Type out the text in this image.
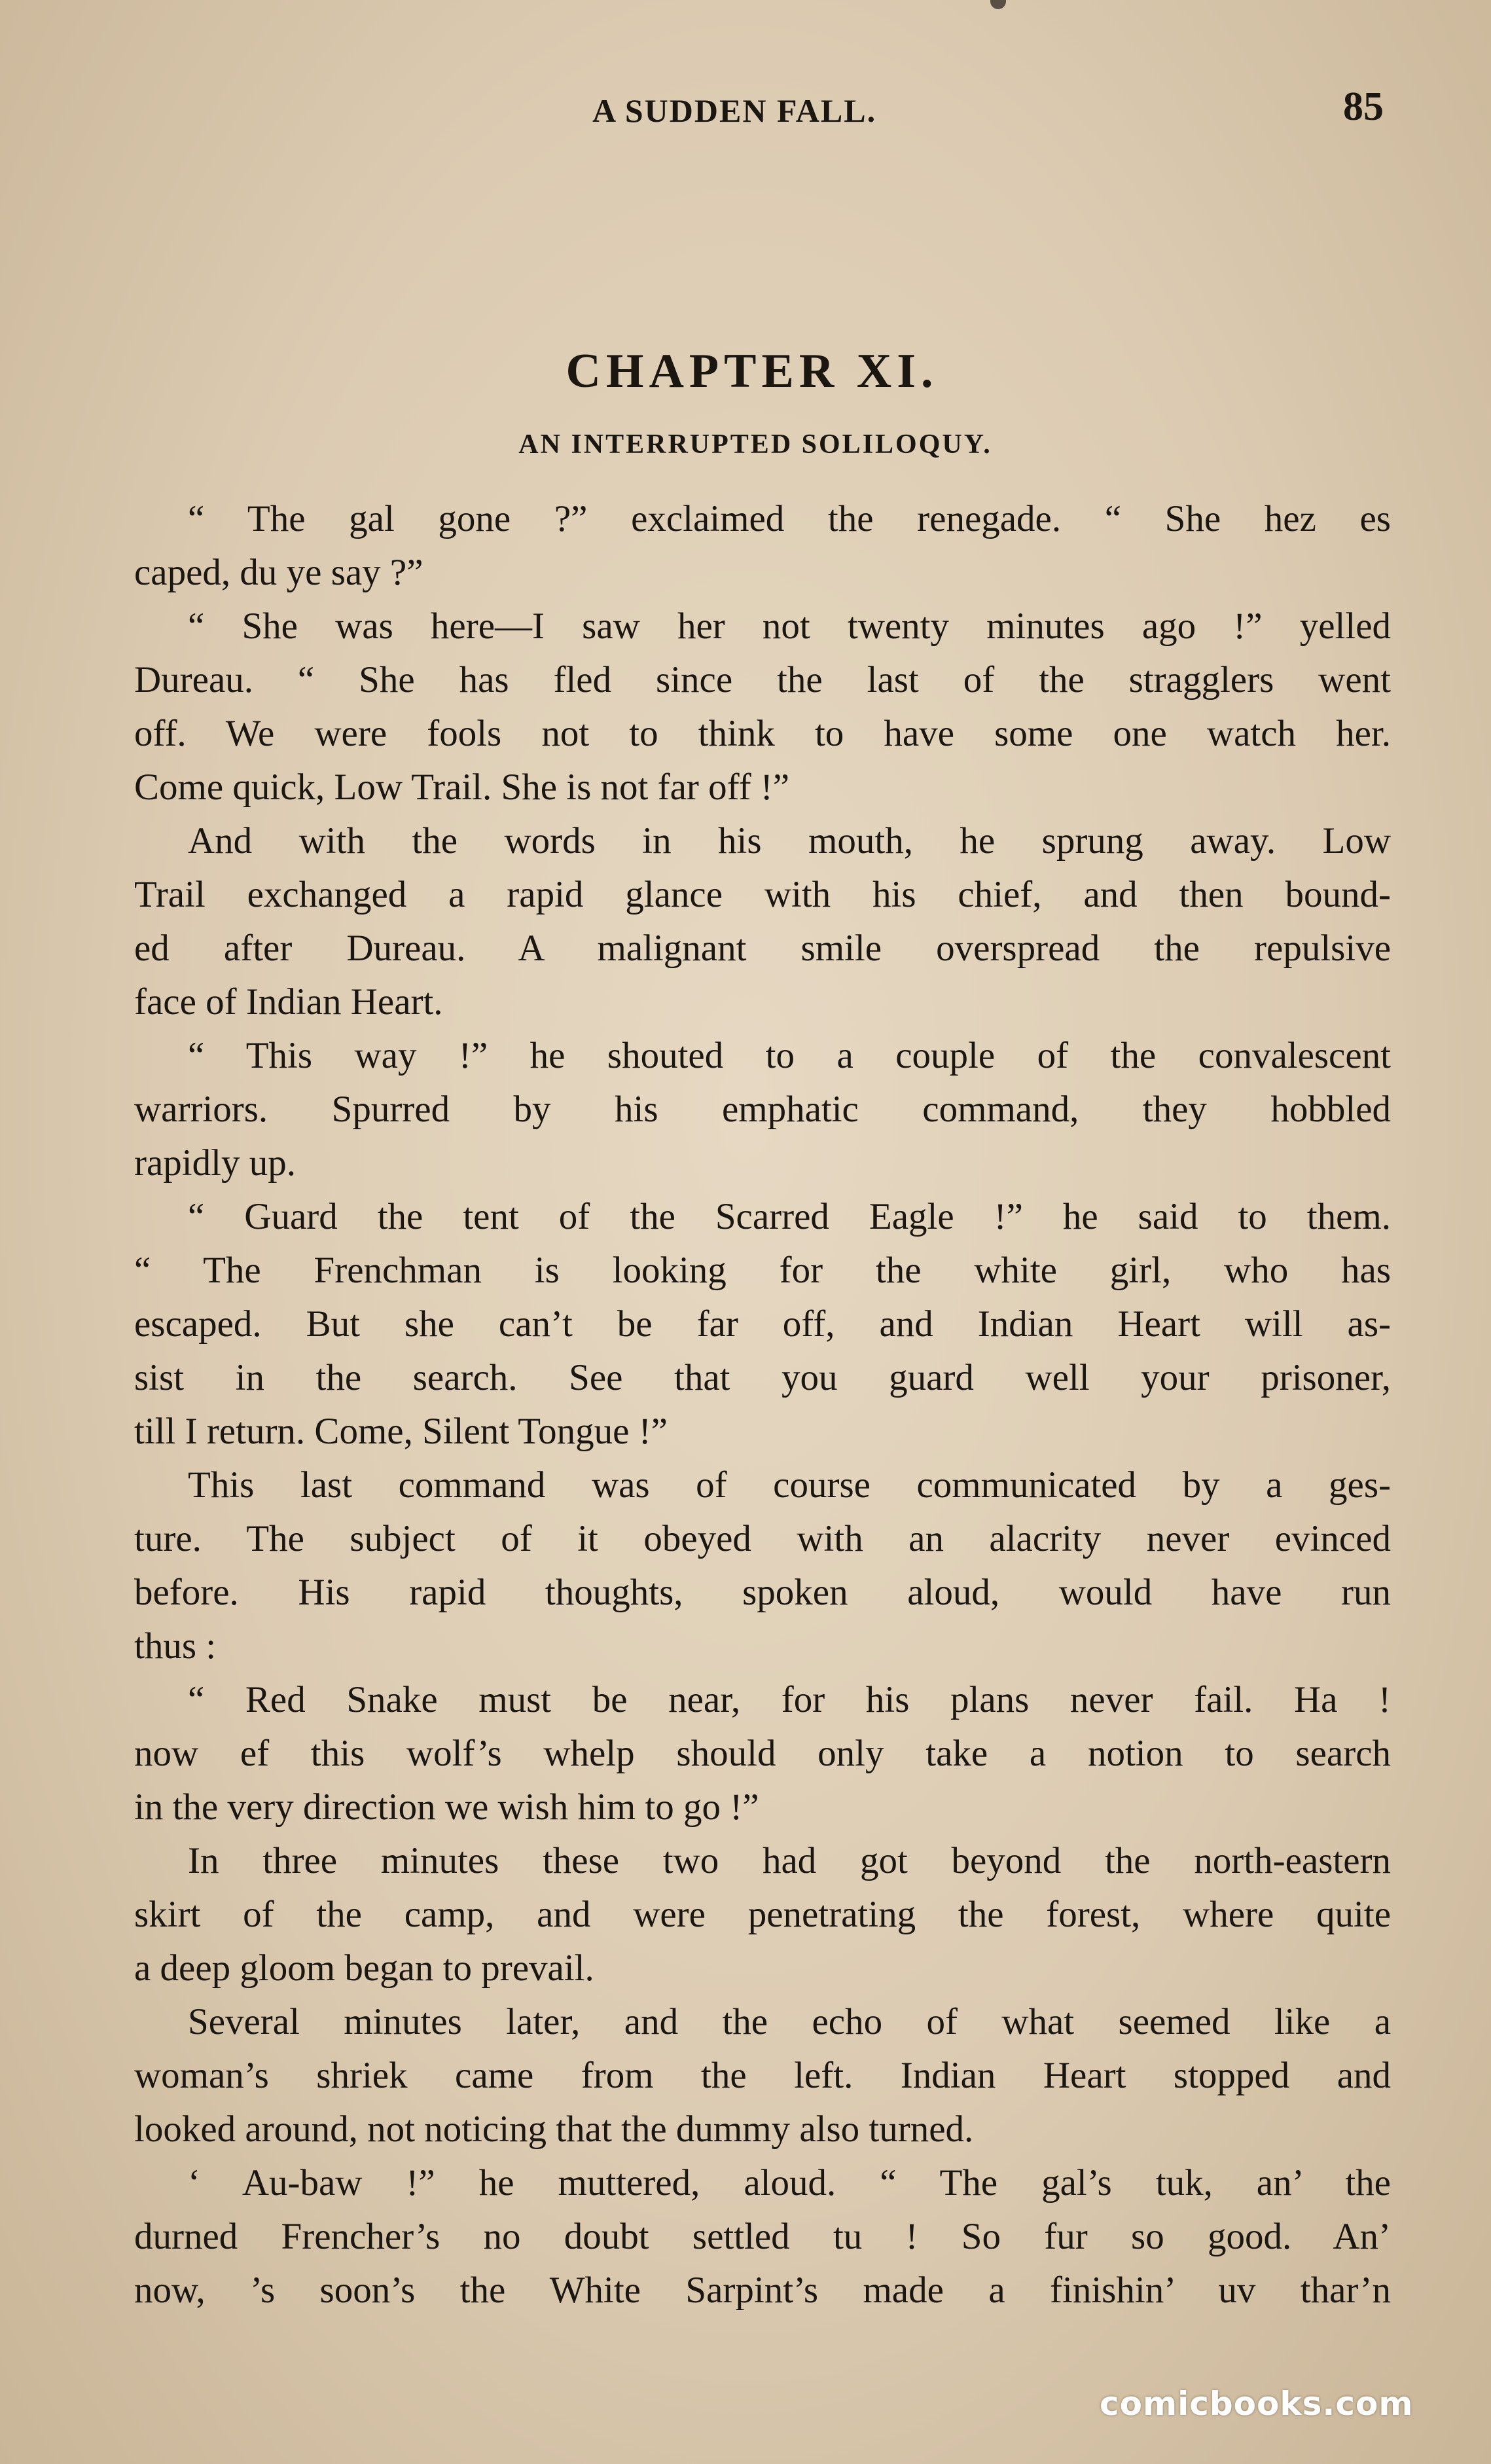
A SUDDEN FALL.	85
CHAPTER XI.
AN INTERRUPTED SOLILOQUY.
“ The gal gone ?” exclaimed the renegade. “ She hez es
caped, du ye say ?”
“ She was here—I saw her not twenty minutes ago !” yelled
Dureau. “ She has fled since the last of the stragglers went
off. We were fools not to think to have some one watch her.
Come quick, Low Trail. She is not far off !”
And with the words in his mouth, he sprung away. Low
Trail exchanged a rapid glance with his chief, and then bound-
ed after Dureau. A malignant smile overspread the repulsive
face of Indian Heart.
“ This way !” he shouted to a couple of the convalescent
warriors. Spurred by his emphatic command, they hobbled
rapidly up.
“ Guard the tent of the Scarred Eagle !” he said to them.
“ The Frenchman is looking for the white girl, who has
escaped. But she can’t be far off, and Indian Heart will as-
sist in the search. See that you guard well your prisoner,
till I return. Come, Silent Tongue !”
This last command was of course communicated by a ges-
ture. The subject of it obeyed with an alacrity never evinced
before. His rapid thoughts, spoken aloud, would have run
thus :
“ Red Snake must be near, for his plans never fail. Ha !
now ef this wolf’s whelp should only take a notion to search
in the very direction we wish him to go !”
In three minutes these two had got beyond the north-eastern
skirt of the camp, and were penetrating the forest, where quite
a deep gloom began to prevail.
Several minutes later, and the echo of what seemed like a
woman’s shriek came from the left. Indian Heart stopped and
looked around, not noticing that the dummy also turned.
‘ Au-baw !” he muttered, aloud. “ The gal’s tuk, an’ the
durned Frencher’s no doubt settled tu ! So fur so good. An’
now, ’s soon’s the White Sarpint’s made a finishin’ uv thar’n
comicbooks.com
